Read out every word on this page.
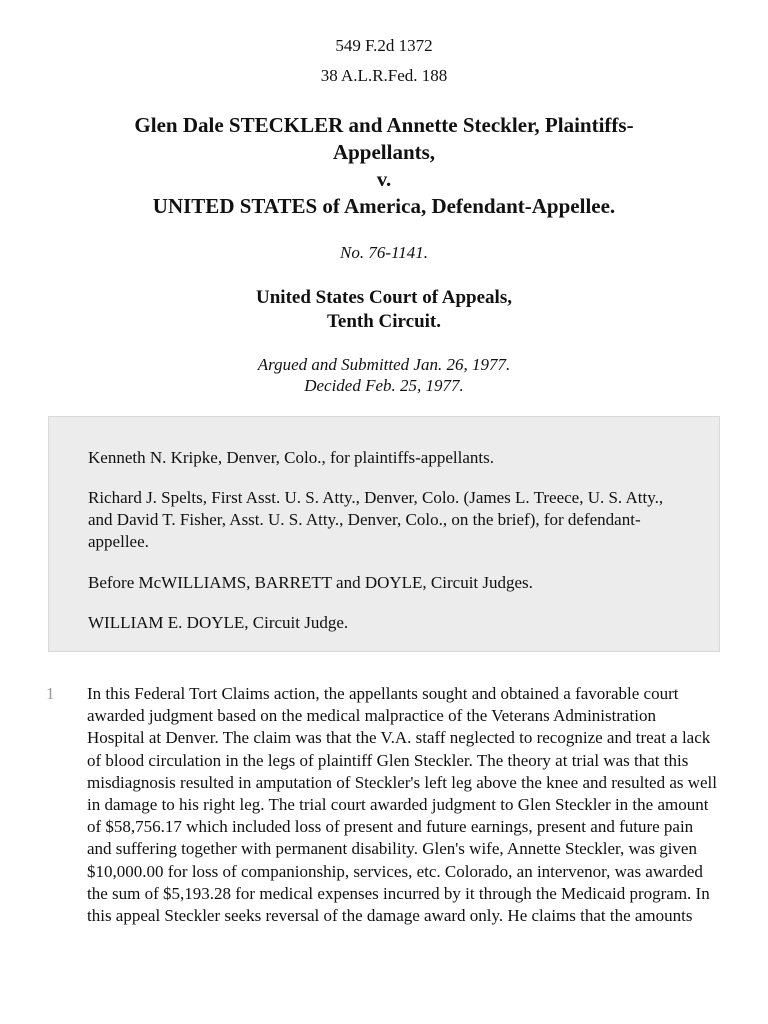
549 F.2d 1372
38 A.L.R.Fed. 188
Glen Dale STECKLER and Annette Steckler, Plaintiffs-
Appellants,
v.
UNITED STATES of America, Defendant-Appellee.
No. 76-1141.
United States Court of Appeals,
Tenth Circuit.
Argued and Submitted Jan. 26, 1977.
Decided Feb. 25, 1977.

Kenneth N. Kripke, Denver, Colo., for plaintiffs-appellants.

Richard J. Spelts, First Asst. U. S. Atty., Denver, Colo. (James L. Treece, U. S. Atty., and David T. Fisher, Asst. U. S. Atty., Denver, Colo., on the brief), for defendant-appellee.

Before McWILLIAMS, BARRETT and DOYLE, Circuit Judges.

WILLIAM E. DOYLE, Circuit Judge.

1 In this Federal Tort Claims action, the appellants sought and obtained a favorable court awarded judgment based on the medical malpractice of the Veterans Administration Hospital at Denver. The claim was that the V.A. staff neglected to recognize and treat a lack of blood circulation in the legs of plaintiff Glen Steckler. The theory at trial was that this misdiagnosis resulted in amputation of Steckler's left leg above the knee and resulted as well in damage to his right leg. The trial court awarded judgment to Glen Steckler in the amount of $58,756.17 which included loss of present and future earnings, present and future pain and suffering together with permanent disability. Glen's wife, Annette Steckler, was given $10,000.00 for loss of companionship, services, etc. Colorado, an intervenor, was awarded the sum of $5,193.28 for medical expenses incurred by it through the Medicaid program. In this appeal Steckler seeks reversal of the damage award only. He claims that the amounts
